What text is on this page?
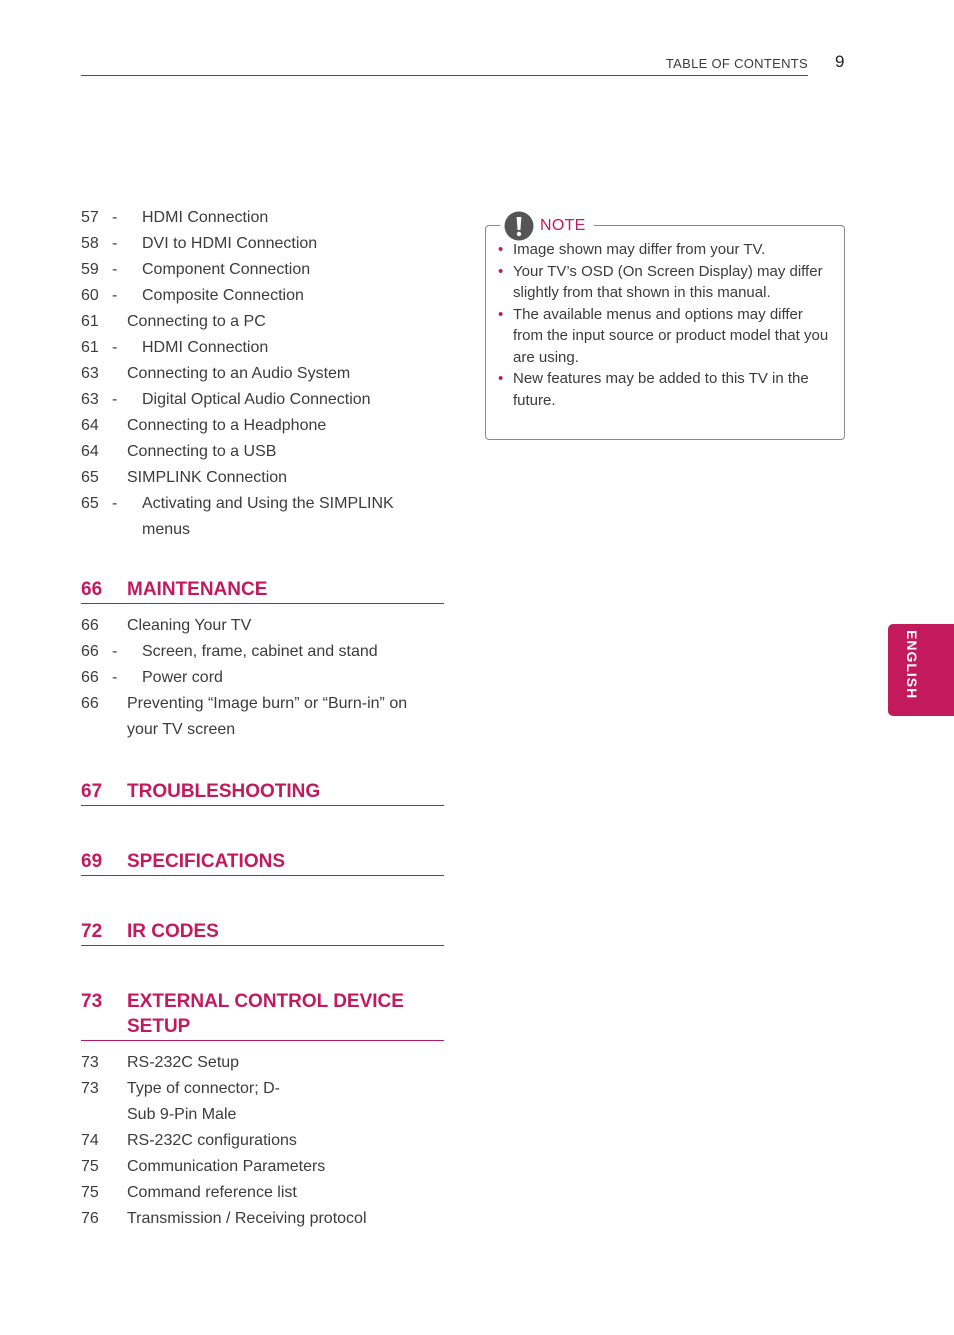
TABLE OF CONTENTS 9
57	- HDMI Connection
58	- DVI to HDMI Connection
59	- Component Connection
60	- Composite Connection
61	Connecting to a PC
61	- HDMI Connection
63	Connecting to an Audio System
63	- Digital Optical Audio Connection
64	Connecting to a Headphone
64	Connecting to a USB
65	SIMPLINK Connection
65	- Activating and Using the SIMPLINK menus
66	MAINTENANCE
66	Cleaning Your TV
66	- Screen, frame, cabinet and stand
66	- Power cord
66	Preventing “Image burn” or “Burn-in” on your TV screen
67	TROUBLESHOOTING
69	SPECIFICATIONS
72	IR CODES
73	EXTERNAL CONTROL DEVICE SETUP
73	RS-232C Setup
73	Type of connector; D-Sub 9-Pin Male
74	RS-232C configurations
75	Communication Parameters
75	Command reference list
76	Transmission / Receiving protocol
NOTE
• Image shown may differ from your TV.
• Your TV’s OSD (On Screen Display) may differ slightly from that shown in this manual.
• The available menus and options may differ from the input source or product model that you are using.
• New features may be added to this TV in the future.
ENGLISH
